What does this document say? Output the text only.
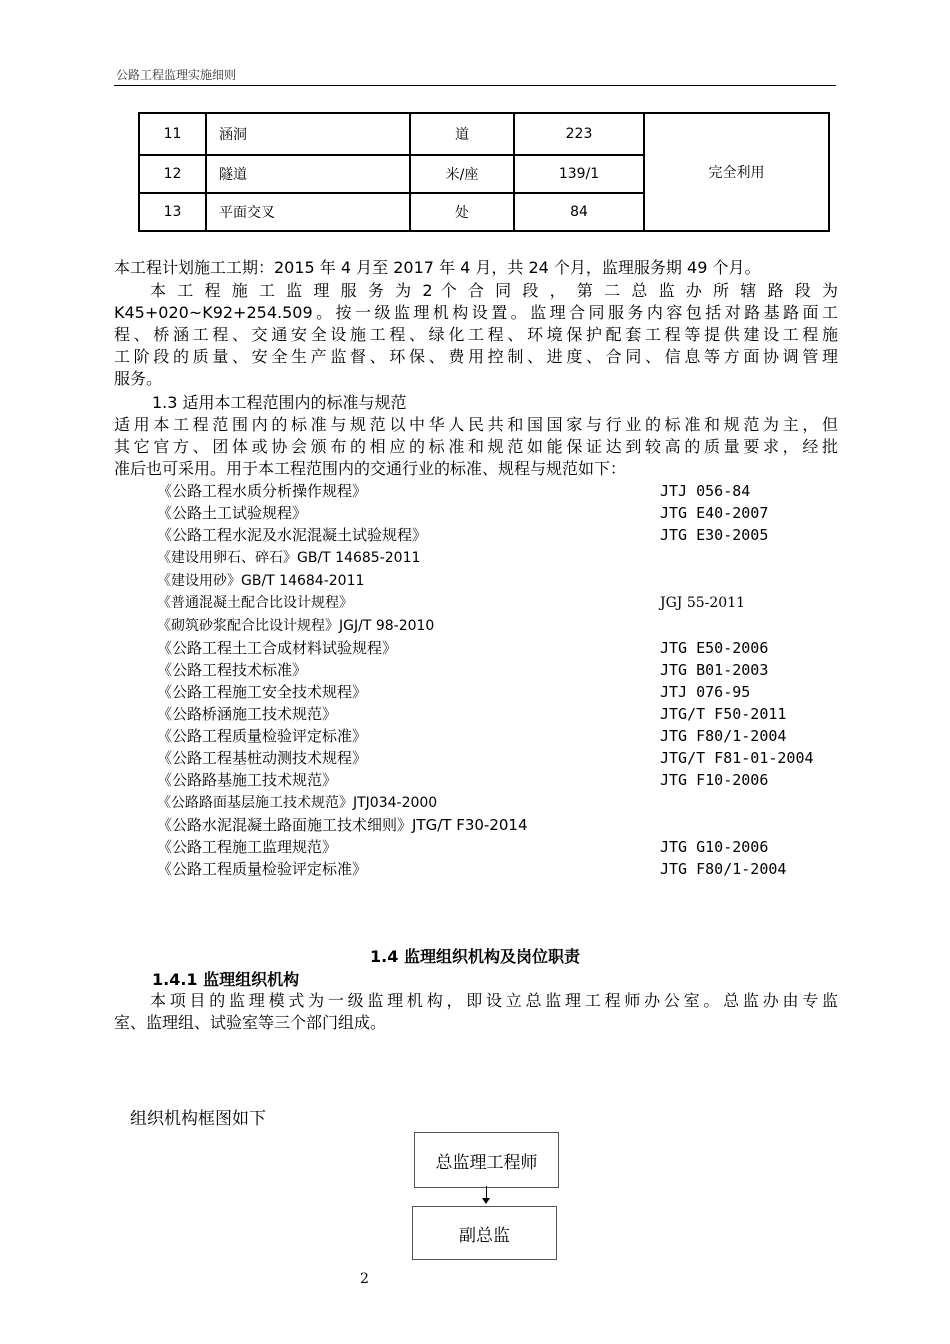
公路工程监理实施细则
11	涵洞	道	223	完全利用
12	隧道	米/座	139/1	
13	平面交叉	处	84	
本工程计划施工工期：2015 年 4 月至 2017 年 4 月，共 24 个月，监理服务期 49 个月。
本 工 程 施 工 监 理 服 务 为 2 个 合 同 段 ， 第 二 总 监 办 所 辖 路 段 为
K45+020~K92+254.509。按一级监理机构设置。监理合同服务内容包括对路基路面工
程、桥涵工程、交通安全设施工程、绿化工程、环境保护配套工程等提供建设工程施
工阶段的质量、安全生产监督、环保、费用控制、进度、合同、信息等方面协调管理
服务。
1.3 适用本工程范围内的标准与规范
适用本工程范围内的标准与规范以中华人民共和国国家与行业的标准和规范为主，但
其它官方、团体或协会颁布的相应的标准和规范如能保证达到较高的质量要求，经批
准后也可采用。用于本工程范围内的交通行业的标准、规程与规范如下：
《公路工程水质分析操作规程》	JTJ 056-84
《公路土工试验规程》	JTG E40-2007
《公路工程水泥及水泥混凝土试验规程》	JTG E30-2005
《建设用卵石、碎石》GB/T 14685-2011
《建设用砂》GB/T 14684-2011
《普通混凝土配合比设计规程》	JGJ 55-2011
《砌筑砂浆配合比设计规程》JGJ/T 98-2010
《公路工程土工合成材料试验规程》	JTG E50-2006
《公路工程技术标准》	JTG B01-2003
《公路工程施工安全技术规程》	JTJ 076-95
《公路桥涵施工技术规范》	JTG/T F50-2011
《公路工程质量检验评定标准》	JTG F80/1-2004
《公路工程基桩动测技术规程》	JTG/T F81-01-2004
《公路路基施工技术规范》	JTG F10-2006
《公路路面基层施工技术规范》JTJ034-2000
《公路水泥混凝土路面施工技术细则》JTG/T F30-2014
《公路工程施工监理规范》	JTG G10-2006
《公路工程质量检验评定标准》	JTG F80/1-2004
1.4 监理组织机构及岗位职责
1.4.1 监理组织机构
本项目的监理模式为一级监理机构，即设立总监理工程师办公室。总监办由专监
室、监理组、试验室等三个部门组成。
组织机构框图如下
总监理工程师
副总监
2
